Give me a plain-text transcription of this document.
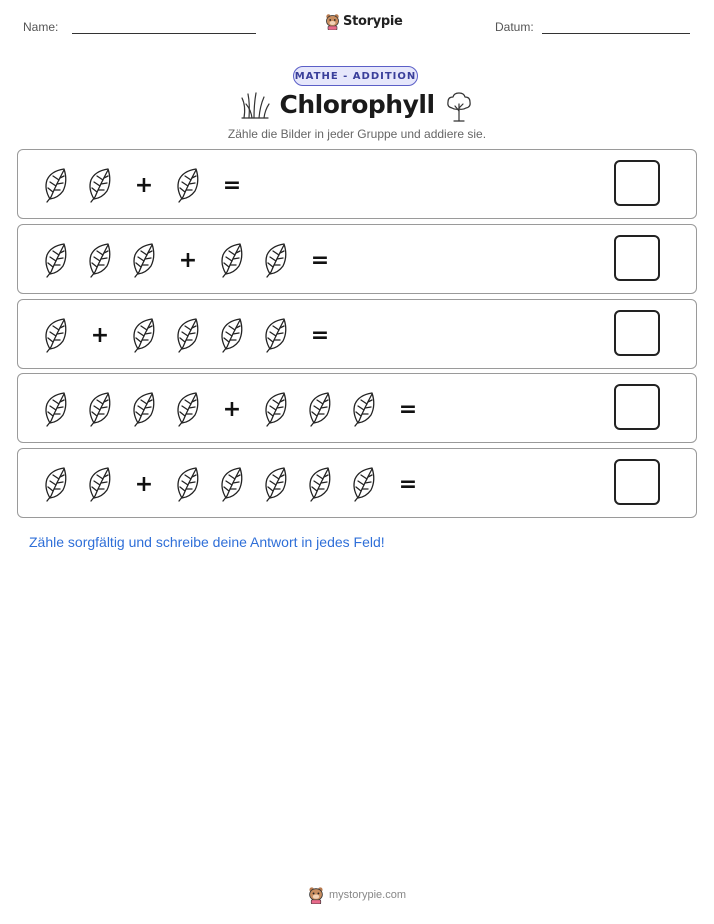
Name:	Storypie	Datum:
MATHE - ADDITION
Chlorophyll
Zähle die Bilder in jeder Gruppe und addiere sie.
+	=
+	=
+	=
+	=
+	=
Zähle sorgfältig und schreibe deine Antwort in jedes Feld!
mystorypie.com
